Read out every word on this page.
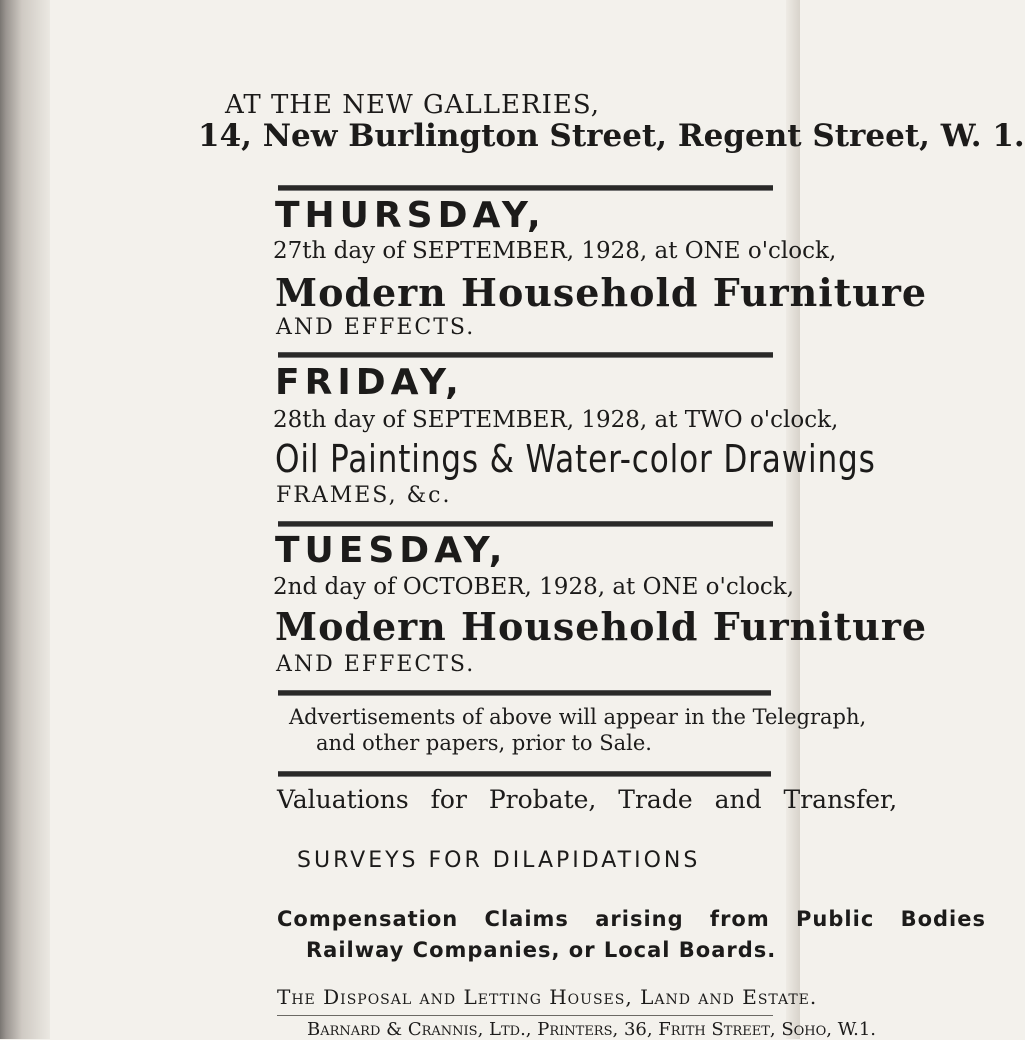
AT THE NEW GALLERIES,
14, New Burlington Street, Regent Street, W. 1.
THURSDAY,
27th day of SEPTEMBER, 1928, at ONE o'clock,
Modern Household Furniture
AND EFFECTS.
FRIDAY,
28th day of SEPTEMBER, 1928, at TWO o'clock,
Oil Paintings & Water-color Drawings
FRAMES, &c.
TUESDAY,
2nd day of OCTOBER, 1928, at ONE o'clock,
Modern Household Furniture
AND EFFECTS.
Advertisements of above will appear in the Telegraph,
and other papers, prior to Sale.
Valuations for Probate, Trade and Transfer,
SURVEYS FOR DILAPIDATIONS
Compensation Claims arising from Public Bodies
Railway Companies, or Local Boards.
The Disposal and Letting Houses, Land and Estate.
Barnard & Crannis, Ltd., Printers, 36, Frith Street, Soho, W.1.
